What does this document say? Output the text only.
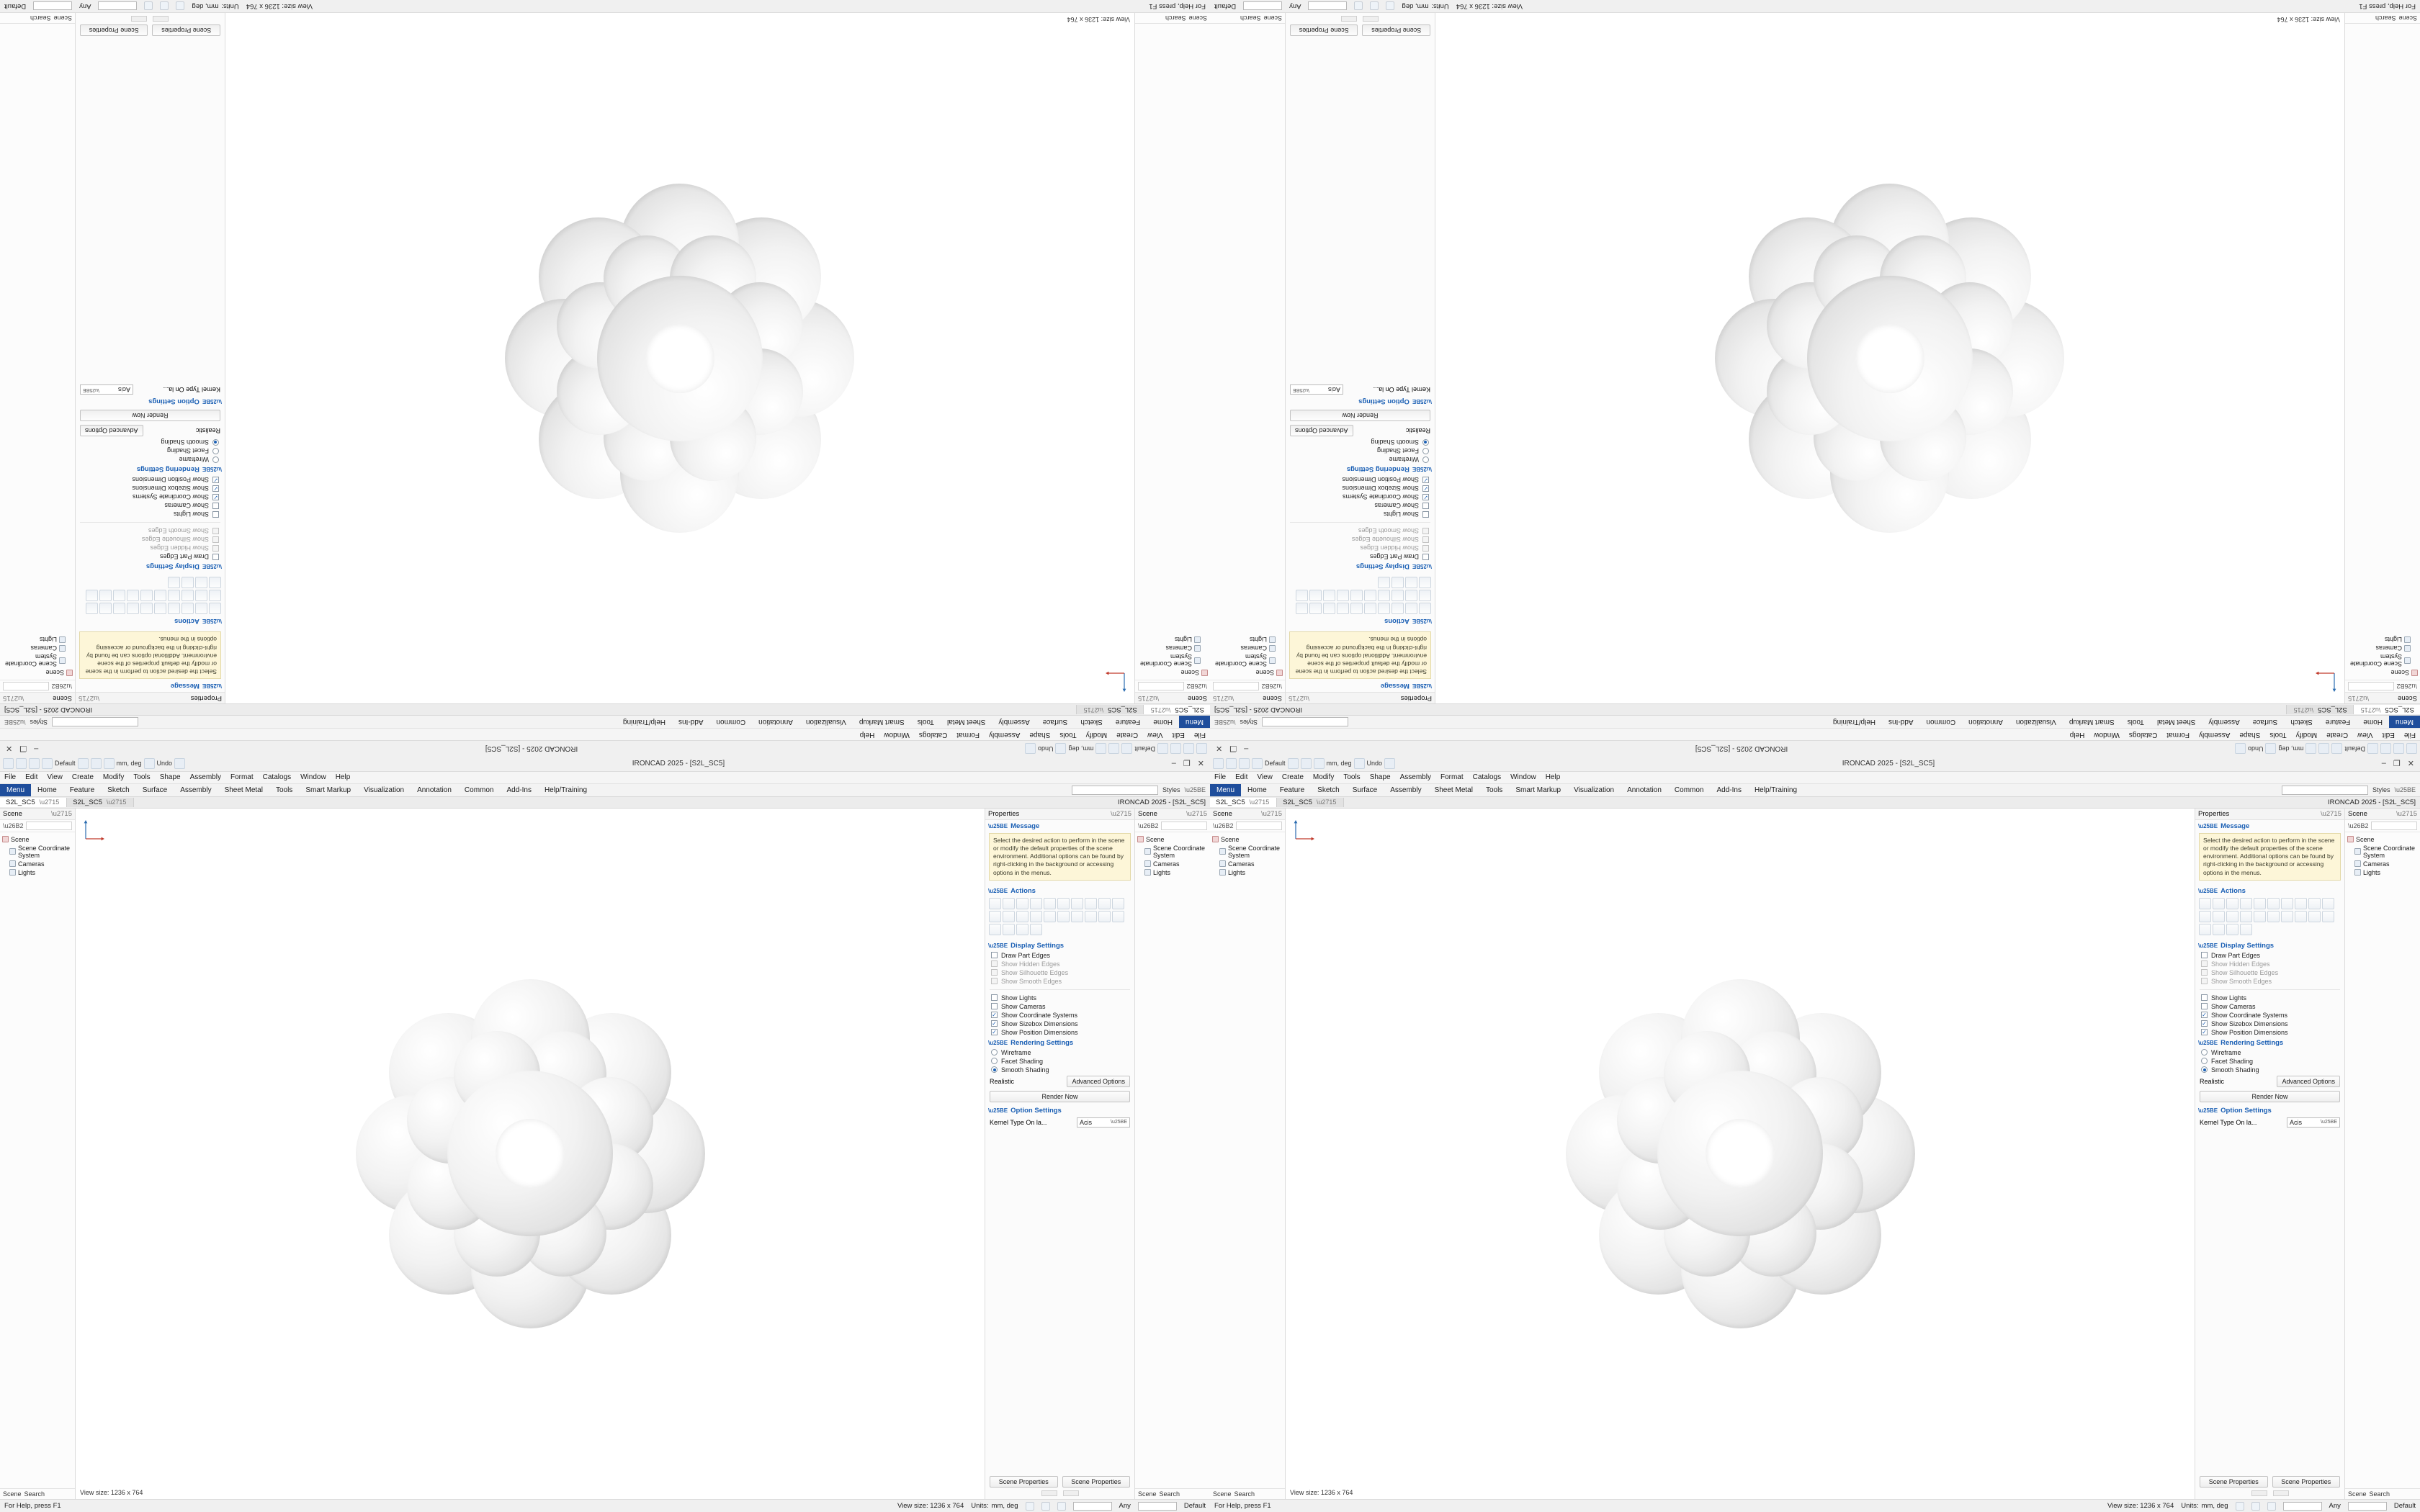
Default
mm, deg
Undo
IRONCAD 2025 - [S2L_SC5]
–
❐
✕
File
Edit
View
Create
Modify
Tools
Shape
Assembly
Format
Catalogs
Window
Help
Menu
Home
Feature
Sketch
Surface
Assembly
Sheet Metal
Tools
Smart Markup
Visualization
Annotation
Common
Add-Ins
Help/Training
Styles
\u25BE
S2L_SC5
\u2715
S2L_SC5
\u2715
IRONCAD 2025 - [S2L_SC5]
Scene
\u2715
\u26B2
Scene
Scene Coordinate System
Cameras
Lights
Scene
Search
View size: 1236 x 764
Properties
\u2715
\u25BE
Message
Select the desired action to perform in the scene or modify the default properties of the scene environment. Additional options can be found by right-clicking in the background or accessing options in the menus.
\u25BE
Actions
\u25BE
Display Settings
Draw Part Edges
Show Hidden Edges
Show Silhouette Edges
Show Smooth Edges
Show Lights
Show Cameras
✓
Show Coordinate Systems
✓
Show Sizebox Dimensions
✓
Show Position Dimensions
\u25BE
Rendering Settings
Wireframe
Facet Shading
Smooth Shading
Realistic
Advanced Options
Render Now
\u25BE
Option Settings
Kernel Type On la...
Acis
\u25BE
Scene Properties
Scene Properties
Scene
\u2715
\u26B2
Scene
Scene Coordinate System
Cameras
Lights
Scene
Search
For Help, press F1
View size: 1236 x 764
Units:
mm, deg
Any
Default
Default
mm, deg
Undo
IRONCAD 2025 - [S2L_SC5]
–
❐
✕
File
Edit
View
Create
Modify
Tools
Shape
Assembly
Format
Catalogs
Window
Help
Menu
Home
Feature
Sketch
Surface
Assembly
Sheet Metal
Tools
Smart Markup
Visualization
Annotation
Common
Add-Ins
Help/Training
Styles
\u25BE
S2L_SC5
\u2715
S2L_SC5
\u2715
IRONCAD 2025 - [S2L_SC5]
Scene
\u2715
\u26B2
Scene
Scene Coordinate System
Cameras
Lights
Scene
Search
View size: 1236 x 764
Properties
\u2715
\u25BE
Message
Select the desired action to perform in the scene or modify the default properties of the scene environment. Additional options can be found by right-clicking in the background or accessing options in the menus.
\u25BE
Actions
\u25BE
Display Settings
Draw Part Edges
Show Hidden Edges
Show Silhouette Edges
Show Smooth Edges
Show Lights
Show Cameras
✓
Show Coordinate Systems
✓
Show Sizebox Dimensions
✓
Show Position Dimensions
\u25BE
Rendering Settings
Wireframe
Facet Shading
Smooth Shading
Realistic
Advanced Options
Render Now
\u25BE
Option Settings
Kernel Type On la...
Acis
\u25BE
Scene Properties
Scene Properties
Scene
\u2715
\u26B2
Scene
Scene Coordinate System
Cameras
Lights
Scene
Search
For Help, press F1
View size: 1236 x 764
Units:
mm, deg
Any
Default
Default	mm, deg Undo	IRONCAD 2025 - [S2L_SC5]	– ❐ ✕
File Edit View Create Modify Tools Shape Assembly Format Catalogs Window Help
Menu	Home	Feature	Sketch	Surface	Assembly	Sheet Metal	Tools	Smart Markup	Visualization	Annotation	Common	Add-Ins	Help/Training	Styles \u25BE
S2L_SC5 \u2715 S2L_SC5 \u2715	IRONCAD 2025 - [S2L_SC5]
Scene	\u2715
\u26B2
Scene
Scene Coordinate System
Cameras
Lights
Scene Search	View size: 1236 x 764
Properties	\u2715
\u25BE Message
Select the desired action to perform in the scene or modify the default properties of the scene environment. Additional options can be found by right-clicking in the background or accessing options in the menus.
\u25BE Actions
\u25BE Display Settings
Draw Part Edges
Show Hidden Edges
Show Silhouette Edges
Show Smooth Edges
Show Lights
Show Cameras
✓
Show Coordinate Systems
✓
Show Sizebox Dimensions
✓
Show Position Dimensions
\u25BE Rendering Settings
Wireframe
Facet Shading
Smooth Shading
Realistic	Advanced Options
Render Now
\u25BE Option Settings
Kernel Type On la...	Acis	\u25BE
Scene Properties	Scene Properties
Scene	\u2715
\u26B2
Scene
Scene Coordinate System
Cameras
Lights
Scene Search
For Help, press F1	View size: 1236 x 764 Units: mm, deg	Any	Default
Default	mm, deg Undo	IRONCAD 2025 - [S2L_SC5]	– ❐ ✕
File Edit View Create Modify Tools Shape Assembly Format Catalogs Window Help
Menu	Home	Feature	Sketch	Surface	Assembly	Sheet Metal	Tools	Smart Markup	Visualization	Annotation	Common	Add-Ins	Help/Training	Styles \u25BE
S2L_SC5 \u2715 S2L_SC5 \u2715	IRONCAD 2025 - [S2L_SC5]
Scene	\u2715
\u26B2
Scene
Scene Coordinate System
Cameras
Lights
Scene Search	View size: 1236 x 764
Properties	\u2715
\u25BE Message
Select the desired action to perform in the scene or modify the default properties of the scene environment. Additional options can be found by right-clicking in the background or accessing options in the menus.
\u25BE Actions
\u25BE Display Settings
Draw Part Edges
Show Hidden Edges
Show Silhouette Edges
Show Smooth Edges
Show Lights
Show Cameras
✓
Show Coordinate Systems
✓
Show Sizebox Dimensions
✓
Show Position Dimensions
\u25BE Rendering Settings
Wireframe
Facet Shading
Smooth Shading
Realistic	Advanced Options
Render Now
\u25BE Option Settings
Kernel Type On la...	Acis	\u25BE
Scene Properties	Scene Properties
Scene	\u2715
\u26B2
Scene
Scene Coordinate System
Cameras
Lights
Scene Search
For Help, press F1	View size: 1236 x 764 Units: mm, deg	Any	Default
